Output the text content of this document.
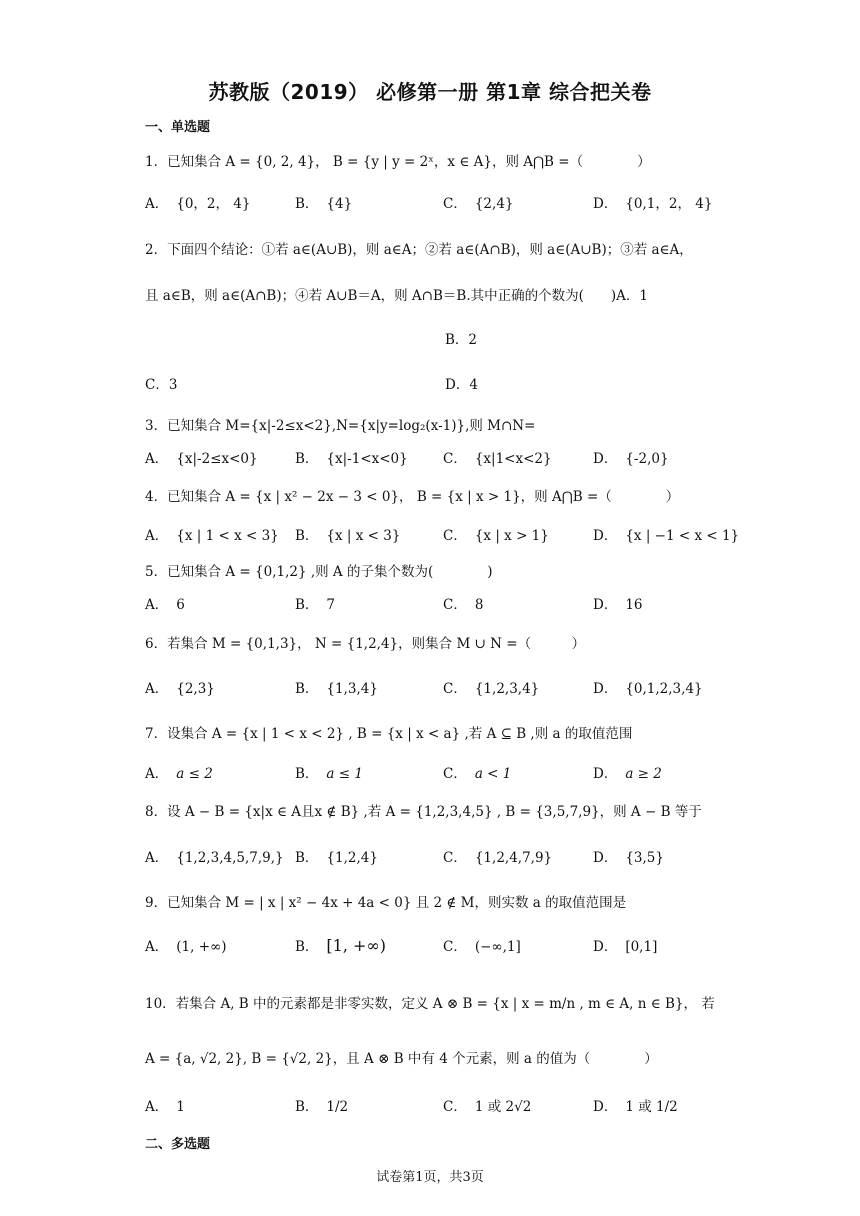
苏教版（2019） 必修第一册 第1章 综合把关卷
一、单选题
1．已知集合 A = {0, 2, 4}， B = {y | y = 2ˣ，x ∈ A}，则 A⋂B =（　　　　）
A． {0，2， 4}	B． {4}	C． {2,4}	D． {0,1，2， 4}
2．下面四个结论：①若 a∈(A∪B)，则 a∈A；②若 a∈(A∩B)，则 a∈(A∪B)；③若 a∈A，
且 a∈B，则 a∈(A∩B)；④若 A∪B＝A，则 A∩B＝B.其中正确的个数为(　　)A．1
B．2
C．3	D．4
3．已知集合 M={x|-2≤x<2},N={x|y=log₂(x-1)},则 M∩N=
A． {x|-2≤x<0}	B． {x|-1<x<0}	C． {x|1<x<2}	D． {-2,0}
4．已知集合 A = {x | x² − 2x − 3 < 0}， B = {x | x > 1}，则 A⋂B =（　　　　）
A． {x | 1 < x < 3} B． {x | x < 3}	C． {x | x > 1}	D． {x | −1 < x < 1}
5．已知集合 A = {0,1,2} ,则 A 的子集个数为(　　　　)
A． 6	B． 7	C． 8	D． 16
6．若集合 M = {0,1,3}， N = {1,2,4}，则集合 M ∪ N =（　　　）
A． {2,3}	B． {1,3,4}	C． {1,2,3,4}	D． {0,1,2,3,4}
7．设集合 A = {x | 1 < x < 2} , B = {x | x < a} ,若 A ⊆ B ,则 a 的取值范围
A． a ≤ 2	B． a ≤ 1	C． a < 1	D． a ≥ 2
8．设 A − B = {x|x ∈ A且x ∉ B} ,若 A = {1,2,3,4,5} , B = {3,5,7,9}，则 A − B 等于
A． {1,2,3,4,5,7,9,} B． {1,2,4}	C． {1,2,4,7,9}	D． {3,5}
9．已知集合 M = | x | x² − 4x + 4a < 0} 且 2 ∉ M，则实数 a 的取值范围是
A． (1, +∞)	B． [1, +∞)	C． (−∞,1]	D． [0,1]
10．若集合 A, B 中的元素都是非零实数，定义 A ⊗ B = {x | x = m/n , m ∈ A, n ∈ B}， 若
A = {a, √2, 2}, B = {√2, 2}，且 A ⊗ B 中有 4 个元素，则 a 的值为（　　　　）
A． 1	B． 1/2	C． 1 或 2√2	D． 1 或 1/2
二、多选题
试卷第1页，共3页
